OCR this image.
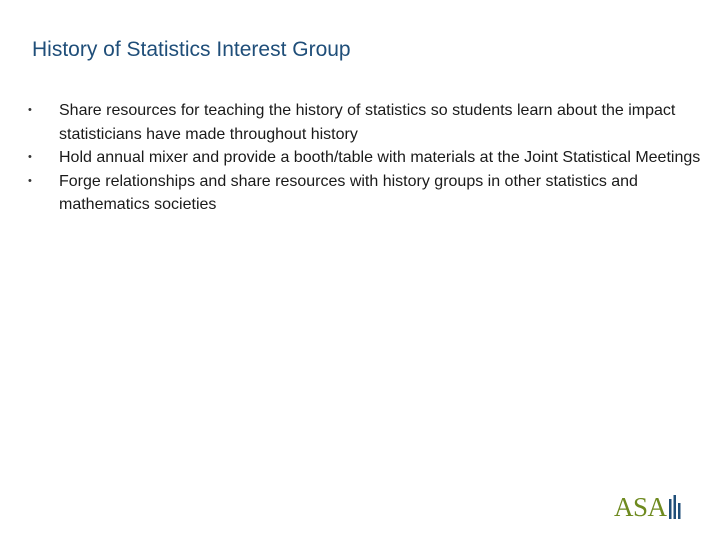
History of Statistics Interest Group
•	Share resources for teaching the history of statistics so students learn about the impact statisticians have made throughout history
•	Hold annual mixer and provide a booth/table with materials at the Joint Statistical Meetings
•	Forge relationships and share resources with history groups in other statistics and mathematics societies
ASA
